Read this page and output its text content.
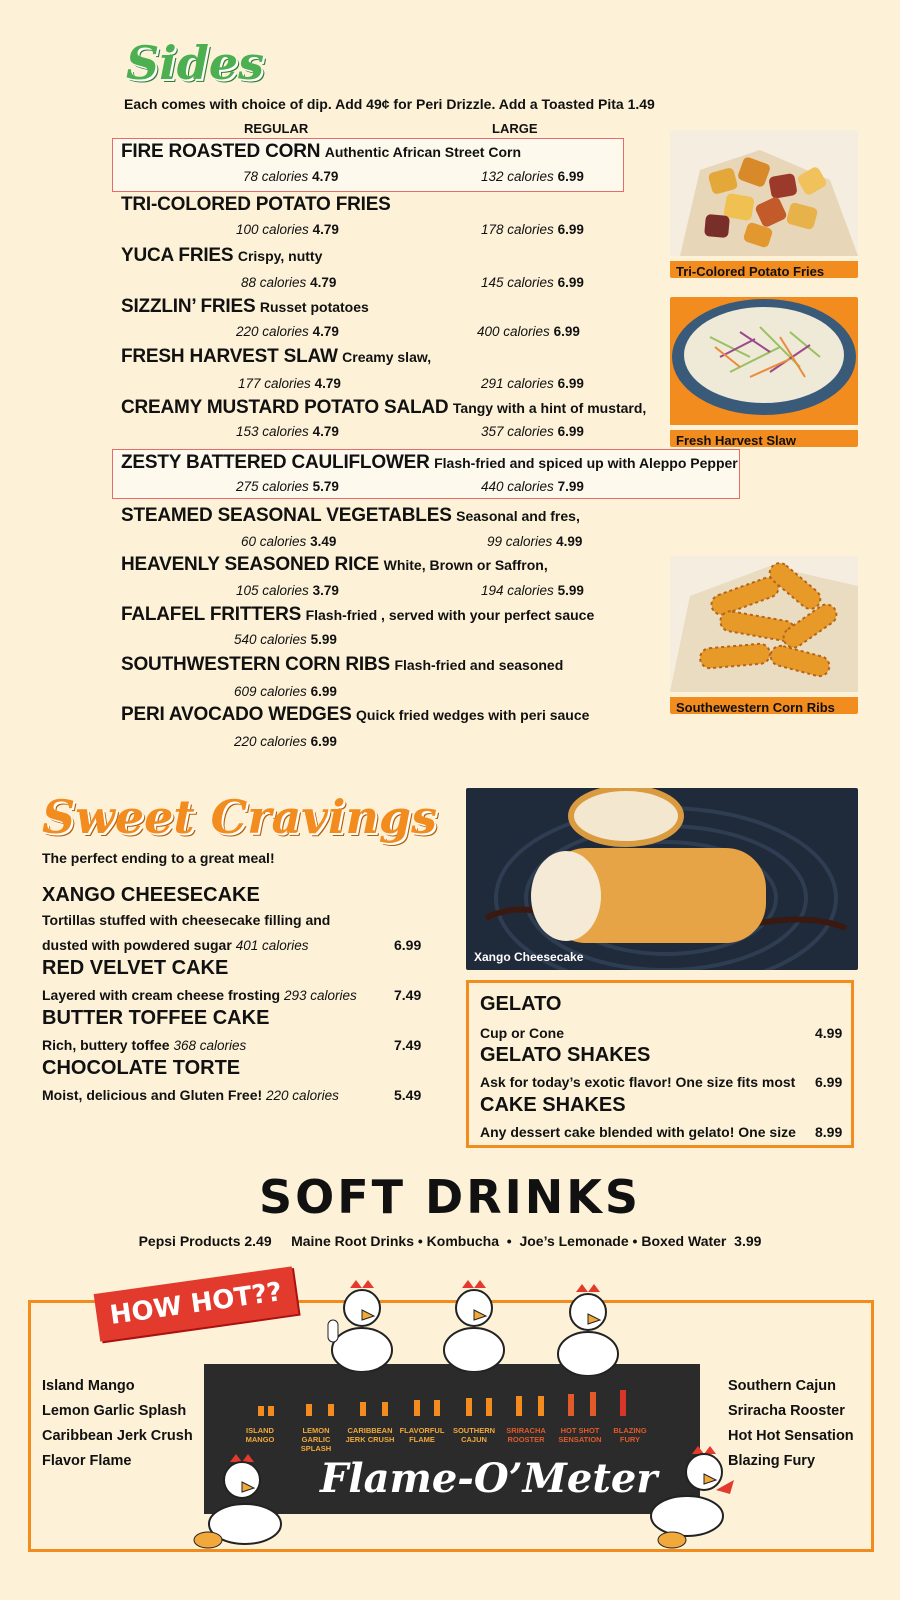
Sides
Each comes with choice of dip. Add 49¢ for Peri Drizzle. Add a Toasted Pita 1.49
REGULAR	LARGE
FIRE ROASTED CORN Authentic African Street Corn
78 calories 4.79	132 calories 6.99
TRI-COLORED POTATO FRIES
100 calories 4.79	178 calories 6.99
YUCA FRIES Crispy, nutty
88 calories 4.79	145 calories 6.99
SIZZLIN’ FRIES Russet potatoes
220 calories 4.79	400 calories 6.99
FRESH HARVEST SLAW Creamy slaw,
177 calories 4.79	291 calories 6.99
CREAMY MUSTARD POTATO SALAD Tangy with a hint of mustard,
153 calories 4.79	357 calories 6.99
ZESTY BATTERED CAULIFLOWER Flash-fried and spiced up with Aleppo Pepper
275 calories 5.79	440 calories 7.99
STEAMED SEASONAL VEGETABLES Seasonal and fres,
60 calories 3.49	99 calories 4.99
HEAVENLY SEASONED RICE White, Brown or Saffron,
105 calories 3.79	194 calories 5.99
FALAFEL FRITTERS Flash-fried , served with your perfect sauce
540 calories 5.99
SOUTHWESTERN CORN RIBS Flash-fried and seasoned
609 calories 6.99
PERI AVOCADO WEDGES Quick fried wedges with peri sauce
220 calories 6.99
Tri-Colored Potato Fries
Fresh Harvest Slaw
Southewestern Corn Ribs
Sweet Cravings
The perfect ending to a great meal!
XANGO CHEESECAKE
Tortillas stuffed with cheesecake filling and
dusted with powdered sugar 401 calories	6.99
RED VELVET CAKE
Layered with cream cheese frosting 293 calories	7.49
BUTTER TOFFEE CAKE
Rich, buttery toffee 368 calories	7.49
CHOCOLATE TORTE
Moist, delicious and Gluten Free! 220 calories	5.49
Xango Cheesecake
GELATO
Cup or Cone	4.99
GELATO SHAKES
Ask for today’s exotic flavor! One size fits most 6.99
CAKE SHAKES
Any dessert cake blended with gelato! One size 8.99
SOFT DRINKS
Pepsi Products 2.49     Maine Root Drinks • Kombucha  •  Joe’s Lemonade • Boxed Water  3.99
HOW HOT??
Island Mango
Lemon Garlic Splash
Caribbean Jerk Crush
Flavor Flame
Southern Cajun
Sriracha Rooster
Hot Hot Sensation
Blazing Fury
ISLAND MANGO
LEMON GARLIC SPLASH
CARIBBEAN JERK CRUSH
FLAVORFUL FLAME
SOUTHERN CAJUN
SRIRACHA ROOSTER
HOT SHOT SENSATION
BLAZING FURY
Flame-O’Meter
